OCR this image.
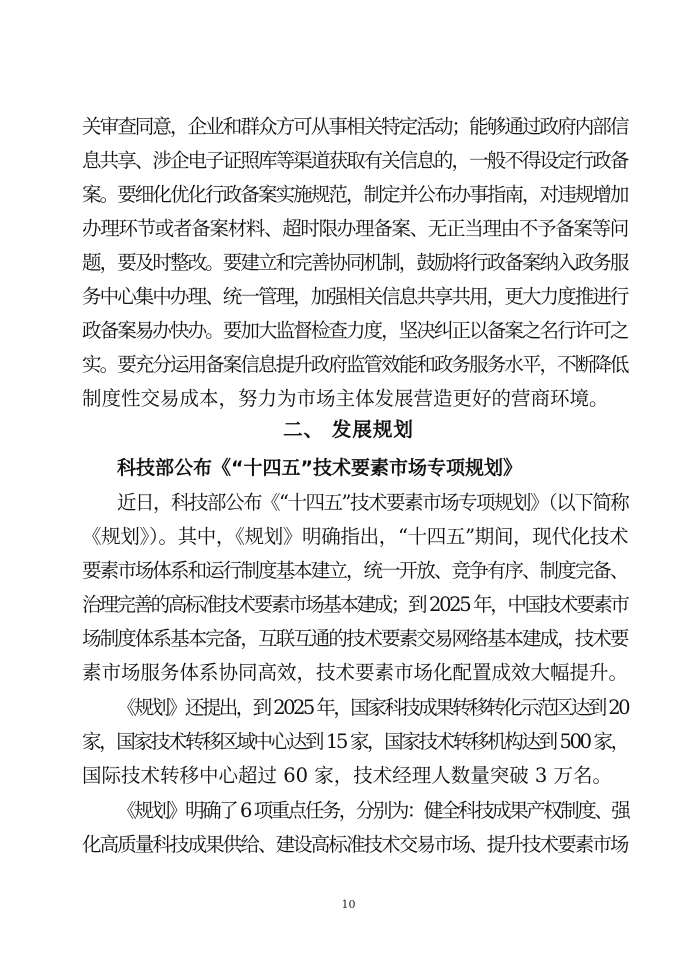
关审查同意，企业和群众方可从事相关特定活动；能够通过政府内部信
息共享、涉企电子证照库等渠道获取有关信息的，一般不得设定行政备
案。要细化优化行政备案实施规范，制定并公布办事指南，对违规增加
办理环节或者备案材料、超时限办理备案、无正当理由不予备案等问
题，要及时整改。要建立和完善协同机制，鼓励将行政备案纳入政务服
务中心集中办理、统一管理，加强相关信息共享共用，更大力度推进行
政备案易办快办。要加大监督检查力度，坚决纠正以备案之名行许可之
实。要充分运用备案信息提升政府监管效能和政务服务水平，不断降低
制度性交易成本，努力为市场主体发展营造更好的营商环境。
二、 发展规划
科技部公布《“十四五”技术要素市场专项规划》
近日，科技部公布《“十四五”技术要素市场专项规划》（以下简称
《规划》）。其中，《规划》明确指出，“十四五”期间，现代化技术
要素市场体系和运行制度基本建立，统一开放、竞争有序、制度完备、
治理完善的高标准技术要素市场基本建成；到 2025 年，中国技术要素市
场制度体系基本完备，互联互通的技术要素交易网络基本建成，技术要
素市场服务体系协同高效，技术要素市场化配置成效大幅提升。
《规划》还提出，到 2025 年，国家科技成果转移转化示范区达到 20
家，国家技术转移区域中心达到 15 家，国家技术转移机构达到 500 家，
国际技术转移中心超过 60 家，技术经理人数量突破 3 万名。
《规划》明确了 6 项重点任务，分别为：健全科技成果产权制度、强
化高质量科技成果供给、建设高标准技术交易市场、提升技术要素市场
10
